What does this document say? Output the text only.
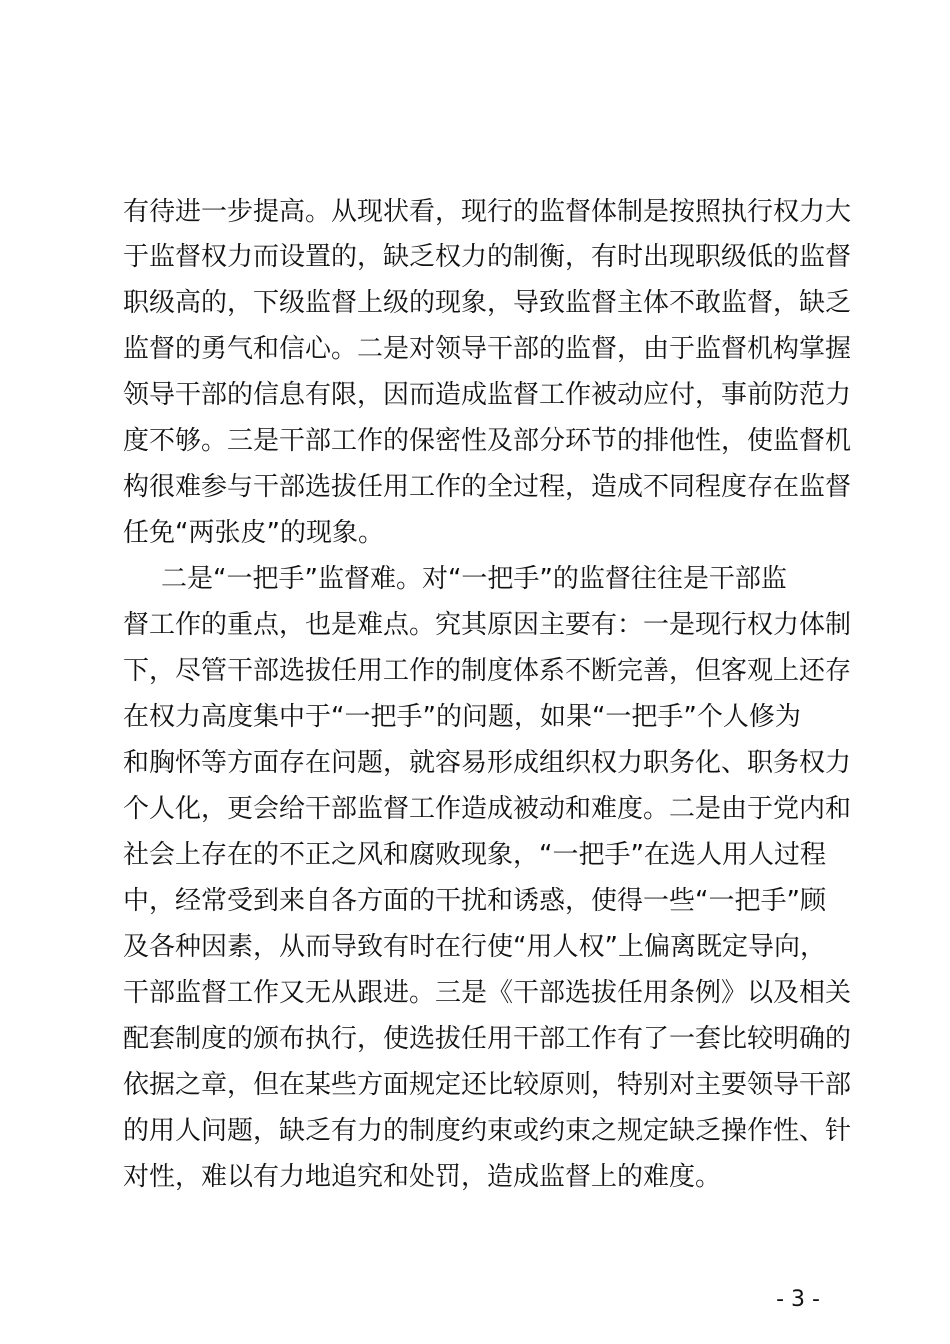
有待进一步提高。从现状看，现行的监督体制是按照执行权力大
于监督权力而设置的，缺乏权力的制衡，有时出现职级低的监督
职级高的，下级监督上级的现象，导致监督主体不敢监督，缺乏
监督的勇气和信心。二是对领导干部的监督，由于监督机构掌握
领导干部的信息有限，因而造成监督工作被动应付，事前防范力
度不够。三是干部工作的保密性及部分环节的排他性，使监督机
构很难参与干部选拔任用工作的全过程，造成不同程度存在监督
任免“两张皮”的现象。
二是“一把手”监督难。对“一把手”的监督往往是干部监
督工作的重点，也是难点。究其原因主要有：一是现行权力体制
下，尽管干部选拔任用工作的制度体系不断完善，但客观上还存
在权力高度集中于“一把手”的问题，如果“一把手”个人修为
和胸怀等方面存在问题，就容易形成组织权力职务化、职务权力
个人化，更会给干部监督工作造成被动和难度。二是由于党内和
社会上存在的不正之风和腐败现象，“一把手”在选人用人过程
中，经常受到来自各方面的干扰和诱惑，使得一些“一把手”顾
及各种因素，从而导致有时在行使“用人权”上偏离既定导向，
干部监督工作又无从跟进。三是《干部选拔任用条例》以及相关
配套制度的颁布执行，使选拔任用干部工作有了一套比较明确的
依据之章，但在某些方面规定还比较原则，特别对主要领导干部
的用人问题，缺乏有力的制度约束或约束之规定缺乏操作性、针
对性，难以有力地追究和处罚，造成监督上的难度。
- 3 -
